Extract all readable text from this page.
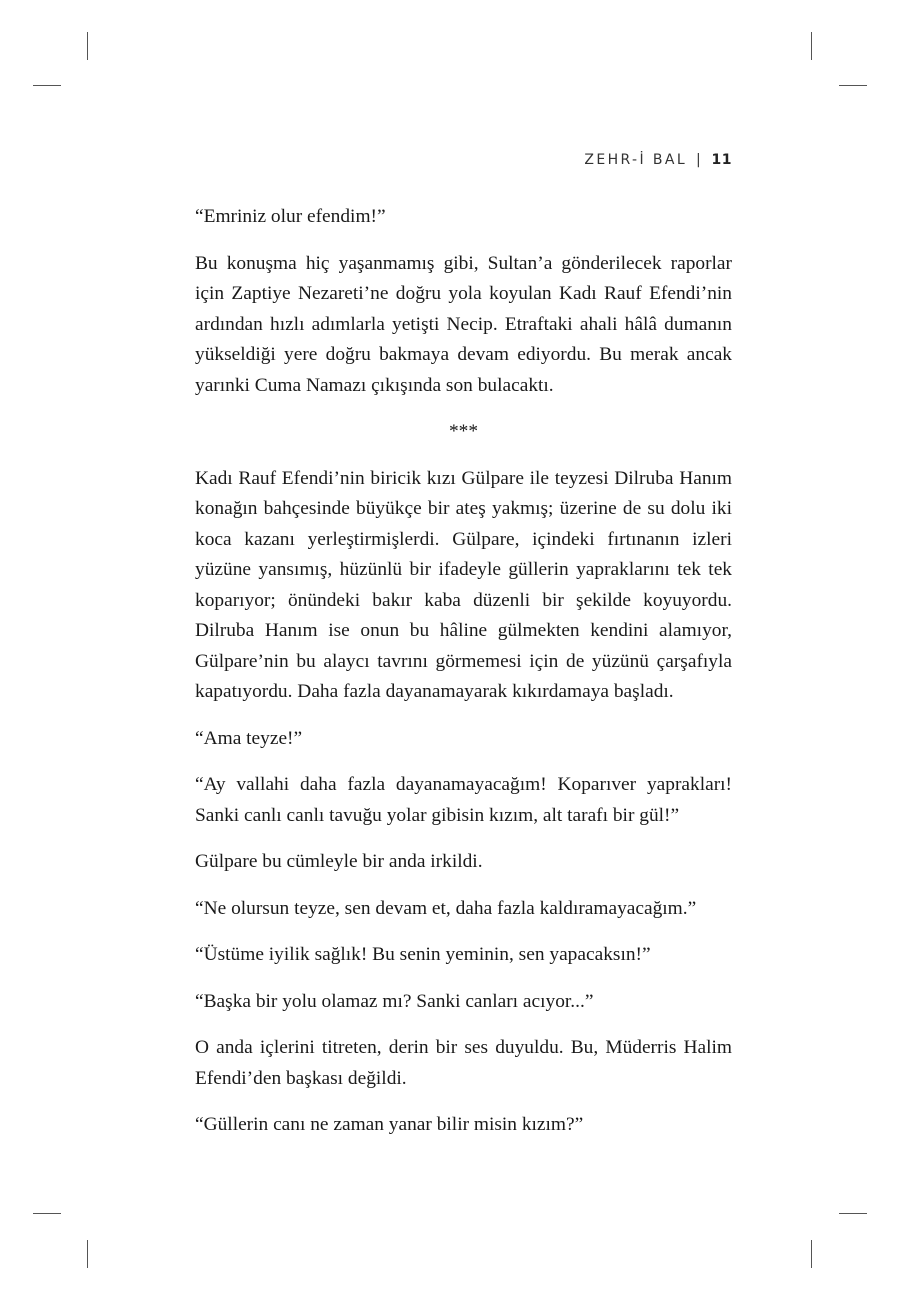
ZEHR-İ BAL | 11

“Emriniz olur efendim!”

Bu konuşma hiç yaşanmamış gibi, Sultan’a gönderilecek raporlar için Zaptiye Nezareti’ne doğru yola koyulan Kadı Rauf Efendi’nin ardından hızlı adımlarla yetişti Necip. Etraftaki ahali hâlâ dumanın yükseldiği yere doğru bakmaya devam ediyordu. Bu merak ancak yarınki Cuma Namazı çıkışında son bulacaktı.

***

Kadı Rauf Efendi’nin biricik kızı Gülpare ile teyzesi Dilruba Hanım konağın bahçesinde büyükçe bir ateş yakmış; üzerine de su dolu iki koca kazanı yerleştirmişlerdi. Gülpare, içindeki fırtınanın izleri yüzüne yansımış, hüzünlü bir ifadeyle güllerin yapraklarını tek tek koparıyor; önündeki bakır kaba düzenli bir şekilde koyuyordu. Dilruba Hanım ise onun bu hâline gülmekten kendini alamıyor, Gülpare’nin bu alaycı tavrını görmemesi için de yüzünü çarşafıyla kapatıyordu. Daha fazla dayanamayarak kıkırdamaya başladı.

“Ama teyze!”

“Ay vallahi daha fazla dayanamayacağım! Koparıver yaprakları! Sanki canlı canlı tavuğu yolar gibisin kızım, alt tarafı bir gül!”

Gülpare bu cümleyle bir anda irkildi.

“Ne olursun teyze, sen devam et, daha fazla kaldıramayacağım.”

“Üstüme iyilik sağlık! Bu senin yeminin, sen yapacaksın!”

“Başka bir yolu olamaz mı? Sanki canları acıyor...”

O anda içlerini titreten, derin bir ses duyuldu. Bu, Müderris Halim Efendi’den başkası değildi.

“Güllerin canı ne zaman yanar bilir misin kızım?”
